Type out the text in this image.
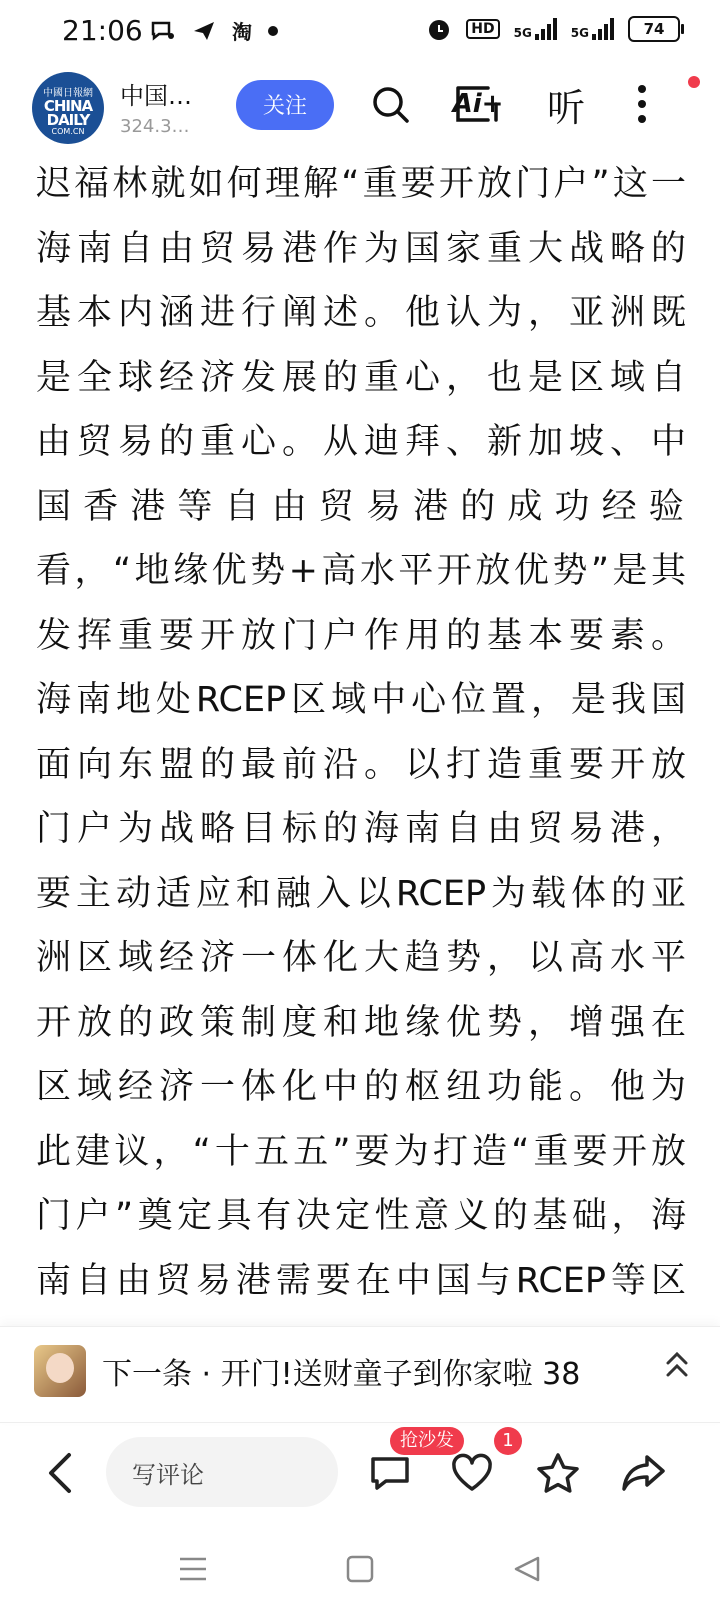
21:06	淘	HD	5G	5G	74
中國日報網
CHINA
DAILY
COM.CN
中国…
324.3…
关注	Ai+ 听
迟福林就如何理解“重要开放门户”这一
海南自由贸易港作为国家重大战略的
基本内涵进行阐述。他认为，亚洲既
是全球经济发展的重心，也是区域自
由贸易的重心。从迪拜、新加坡、中
国香港等自由贸易港的成功经验
看，“地缘优势+高水平开放优势”是其
发挥重要开放门户作用的基本要素。
海南地处RCEP区域中心位置，是我国
面向东盟的最前沿。以打造重要开放
门户为战略目标的海南自由贸易港，
要主动适应和融入以RCEP为载体的亚
洲区域经济一体化大趋势，以高水平
开放的政策制度和地缘优势，增强在
区域经济一体化中的枢纽功能。他为
此建议，“十五五”要为打造“重要开放
门户”奠定具有决定性意义的基础，海
南自由贸易港需要在中国与RCEP等区
下一条 · 开门!送财童子到你家啦 38
写评论
抢沙发	1
